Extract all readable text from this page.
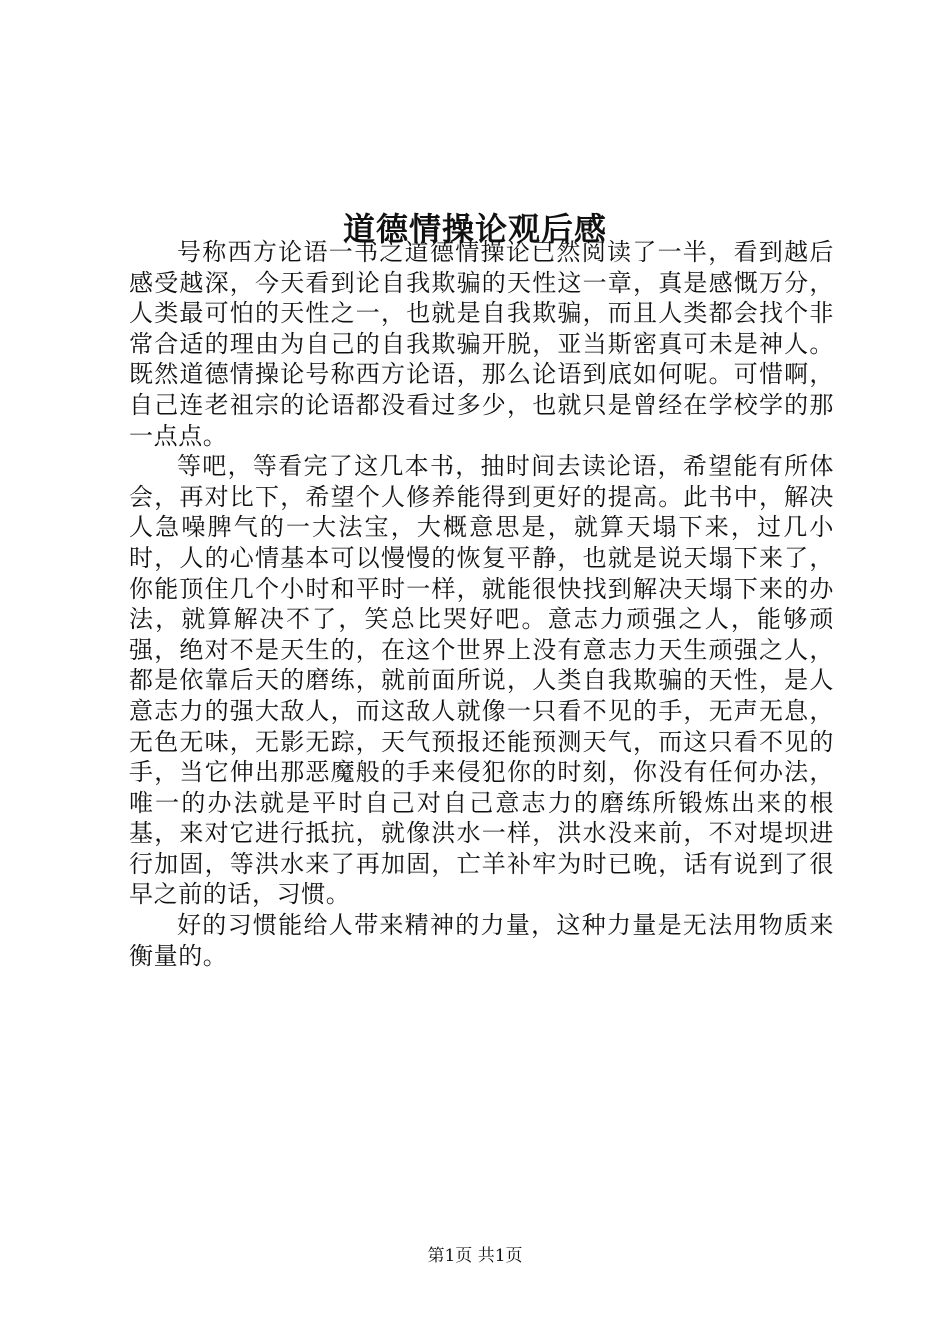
道德情操论观后感

号称西方论语一书之道德情操论已然阅读了一半，看到越后感受越深，今天看到论自我欺骗的天性这一章，真是感慨万分，人类最可怕的天性之一，也就是自我欺骗，而且人类都会找个非常合适的理由为自己的自我欺骗开脱，亚当斯密真可未是神人。既然道德情操论号称西方论语，那么论语到底如何呢。可惜啊，自己连老祖宗的论语都没看过多少，也就只是曾经在学校学的那一点点。

等吧，等看完了这几本书，抽时间去读论语，希望能有所体会，再对比下，希望个人修养能得到更好的提高。此书中，解决人急噪脾气的一大法宝，大概意思是，就算天塌下来，过几小时，人的心情基本可以慢慢的恢复平静，也就是说天塌下来了，你能顶住几个小时和平时一样，就能很快找到解决天塌下来的办法，就算解决不了，笑总比哭好吧。意志力顽强之人，能够顽强，绝对不是天生的，在这个世界上没有意志力天生顽强之人，都是依靠后天的磨练，就前面所说，人类自我欺骗的天性，是人意志力的强大敌人，而这敌人就像一只看不见的手，无声无息，无色无味，无影无踪，天气预报还能预测天气，而这只看不见的手，当它伸出那恶魔般的手来侵犯你的时刻，你没有任何办法，唯一的办法就是平时自己对自己意志力的磨练所锻炼出来的根基，来对它进行抵抗，就像洪水一样，洪水没来前，不对堤坝进行加固，等洪水来了再加固，亡羊补牢为时已晚，话有说到了很早之前的话，习惯。

好的习惯能给人带来精神的力量，这种力量是无法用物质来衡量的。

第1页 共1页
